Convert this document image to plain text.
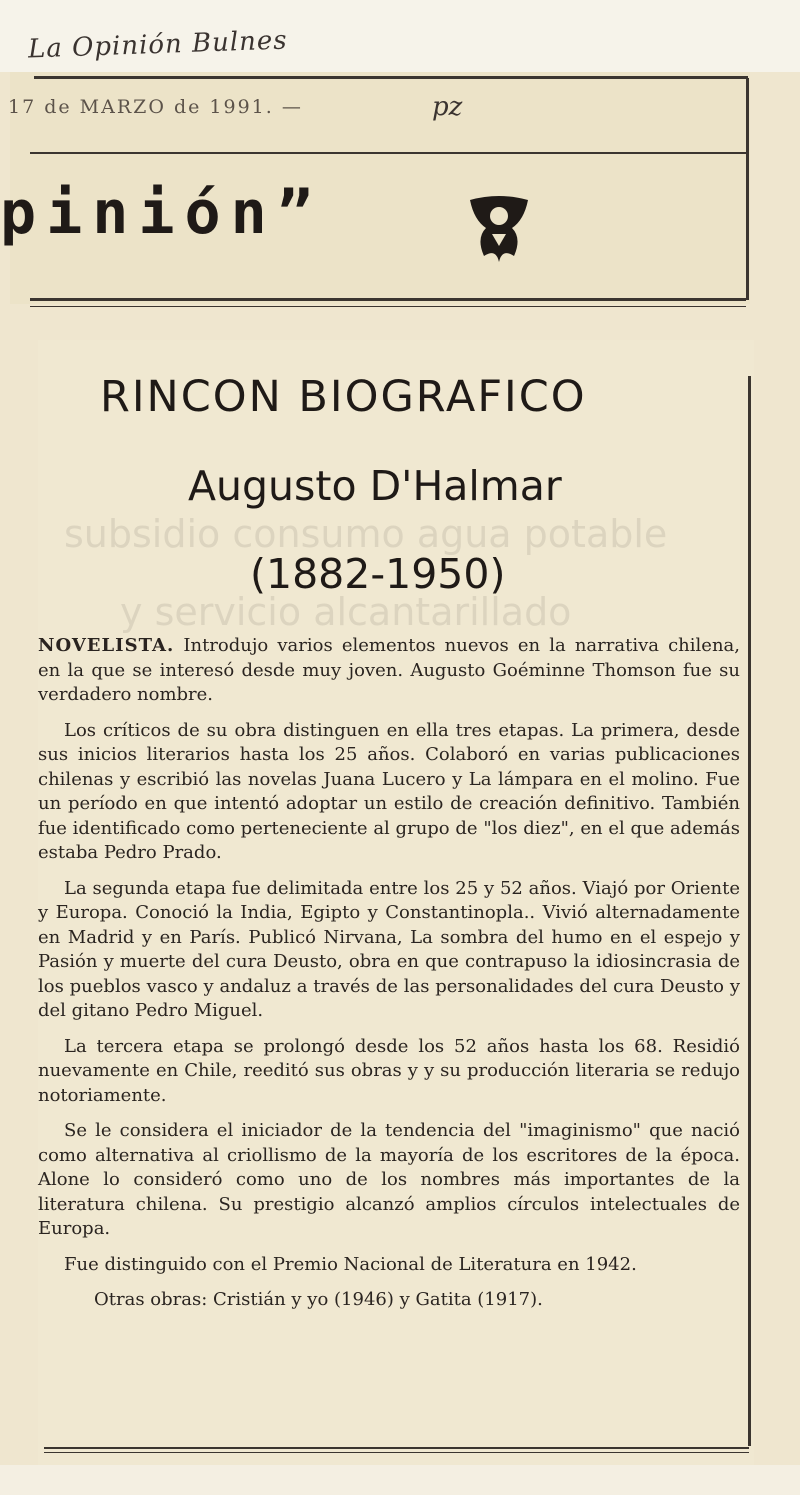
La Opinión Bulnes
17 de MARZO de 1991. —	pz
pinión”
subsidio consumo agua potable
y servicio alcantarillado
RINCON BIOGRAFICO
Augusto D'Halmar
(1882-1950)

NOVELISTA. Introdujo varios elementos nuevos en la narrativa chilena, en la que se interesó desde muy joven. Augusto Goéminne Thomson fue su verdadero nombre.

Los críticos de su obra distinguen en ella tres etapas. La primera, desde sus inicios literarios hasta los 25 años. Colaboró en varias publicaciones chilenas y escribió las novelas Juana Lucero y La lámpara en el molino. Fue un período en que intentó adoptar un estilo de creación definitivo. También fue identificado como perteneciente al grupo de "los diez", en el que además estaba Pedro Prado.

La segunda etapa fue delimitada entre los 25 y 52 años. Viajó por Oriente y Europa. Conoció la India, Egipto y Constantinopla.. Vivió alternadamente en Madrid y en París. Publicó Nirvana, La sombra del humo en el espejo y Pasión y muerte del cura Deusto, obra en que contrapuso la idiosincrasia de los pueblos vasco y andaluz a través de las personalidades del cura Deusto y del gitano Pedro Miguel.

La tercera etapa se prolongó desde los 52 años hasta los 68. Residió nuevamente en Chile, reeditó sus obras y y su producción literaria se redujo notoriamente.

Se le considera el iniciador de la tendencia del "imaginismo" que nació como alternativa al criollismo de la mayoría de los escritores de la época. Alone lo consideró como uno de los nombres más importantes de la literatura chilena. Su prestigio alcanzó amplios círculos intelectuales de Europa.

Fue distinguido con el Premio Nacional de Literatura en 1942.

Otras obras: Cristián y yo (1946) y Gatita (1917).
